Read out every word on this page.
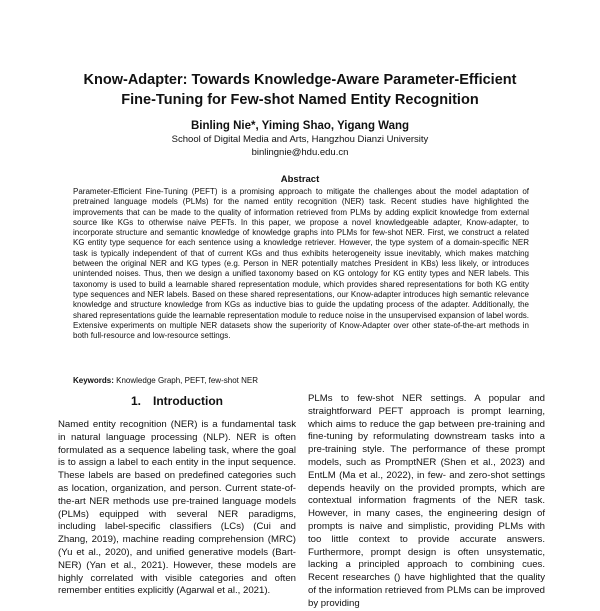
Know-Adapter: Towards Knowledge-Aware Parameter-Efficient
Fine-Tuning for Few-shot Named Entity Recognition
Binling Nie*, Yiming Shao, Yigang Wang
School of Digital Media and Arts, Hangzhou Dianzi University
binlingnie@hdu.edu.cn
Abstract

Parameter-Efficient Fine-Tuning (PEFT) is a promising approach to mitigate the challenges about the model adaptation of pretrained language models (PLMs) for the named entity recognition (NER) task. Recent studies have highlighted the improvements that can be made to the quality of information retrieved from PLMs by adding explicit knowledge from external source like KGs to otherwise naive PEFTs. In this paper, we propose a novel knowledgeable adapter, Know-adapter, to incorporate structure and semantic knowledge of knowledge graphs into PLMs for few-shot NER. First, we construct a related KG entity type sequence for each sentence using a knowledge retriever. However, the type system of a domain-specific NER task is typically independent of that of current KGs and thus exhibits heterogeneity issue inevitably, which makes matching between the original NER and KG types (e.g. Person in NER potentially matches President in KBs) less likely, or introduces unintended noises. Thus, then we design a unified taxonomy based on KG ontology for KG entity types and NER labels. This taxonomy is used to build a learnable shared representation module, which provides shared representations for both KG entity type sequences and NER labels. Based on these shared representations, our Know-adapter introduces high semantic relevance knowledge and structure knowledge from KGs as inductive bias to guide the updating process of the adapter. Additionally, the shared representations guide the learnable representation module to reduce noise in the unsupervised expansion of label words. Extensive experiments on multiple NER datasets show the superiority of Know-Adapter over other state-of-the-art methods in both full-resource and low-resource settings.

Keywords: Knowledge Graph, PEFT, few-shot NER

1. Introduction

Named entity recognition (NER) is a fundamental task in natural language processing (NLP). NER is often formulated as a sequence labeling task, where the goal is to assign a label to each entity in the input sequence. These labels are based on predefined categories such as location, organization, and person. Current state-of-the-art NER methods use pre-trained language models (PLMs) equipped with several NER paradigms, including label-specific classifiers (LCs) (Cui and Zhang, 2019), machine reading comprehension (MRC) (Yu et al., 2020), and unified generative models (Bart-NER) (Yan et al., 2021). However, these models are highly correlated with visible categories and often remember entities explicitly (Agarwal et al., 2021).

PLMs to few-shot NER settings. A popular and straightforward PEFT approach is prompt learning, which aims to reduce the gap between pre-training and fine-tuning by reformulating downstream tasks into a pre-training style. The performance of these prompt models, such as PromptNER (Shen et al., 2023) and EntLM (Ma et al., 2022), in few- and zero-shot settings depends heavily on the provided prompts, which are contextual information fragments of the NER task. However, in many cases, the engineering design of prompts is naive and simplistic, providing PLMs with too little context to provide accurate answers. Furthermore, prompt design is often unsystematic, lacking a principled approach to combining cues. Recent researches () have highlighted that the quality of the information retrieved from PLMs can be improved by providing
